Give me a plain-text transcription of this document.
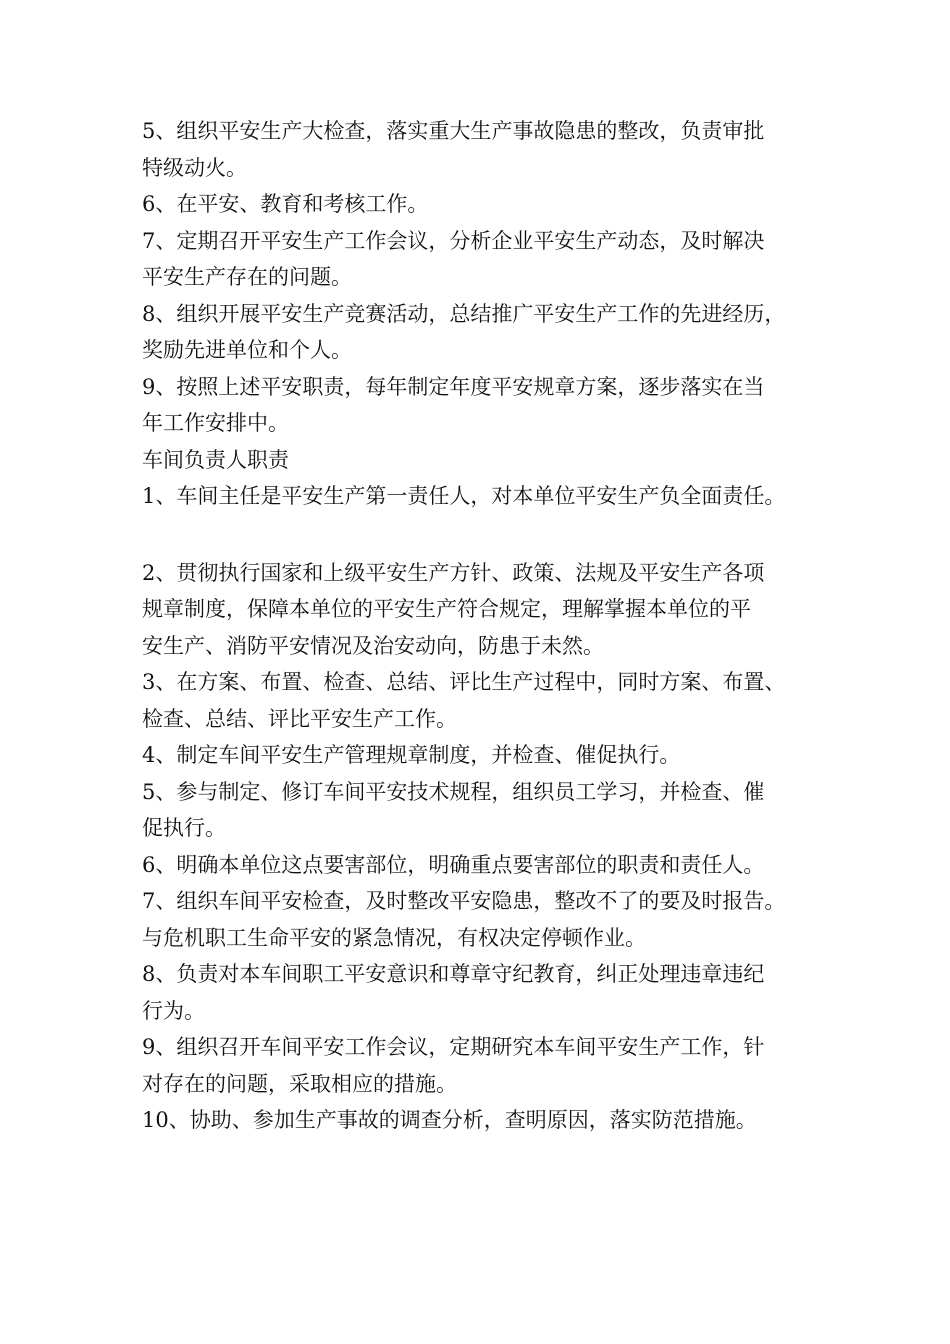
5、组织平安生产大检查，落实重大生产事故隐患的整改，负责审批
特级动火。
6、在平安、教育和考核工作。
7、定期召开平安生产工作会议，分析企业平安生产动态，及时解决
平安生产存在的问题。
8、组织开展平安生产竞赛活动，总结推广平安生产工作的先进经历，
奖励先进单位和个人。
9、按照上述平安职责，每年制定年度平安规章方案，逐步落实在当
年工作安排中。
车间负责人职责
1、车间主任是平安生产第一责任人，对本单位平安生产负全面责任。
2、贯彻执行国家和上级平安生产方针、政策、法规及平安生产各项
规章制度，保障本单位的平安生产符合规定，理解掌握本单位的平
安生产、消防平安情况及治安动向，防患于未然。
3、在方案、布置、检查、总结、评比生产过程中，同时方案、布置、
检查、总结、评比平安生产工作。
4、制定车间平安生产管理规章制度，并检查、催促执行。
5、参与制定、修订车间平安技术规程，组织员工学习，并检查、催
促执行。
6、明确本单位这点要害部位，明确重点要害部位的职责和责任人。
7、组织车间平安检查，及时整改平安隐患，整改不了的要及时报告。
与危机职工生命平安的紧急情况，有权决定停顿作业。
8、负责对本车间职工平安意识和尊章守纪教育，纠正处理违章违纪
行为。
9、组织召开车间平安工作会议，定期研究本车间平安生产工作，针
对存在的问题，采取相应的措施。
10、协助、参加生产事故的调查分析，查明原因，落实防范措施。
